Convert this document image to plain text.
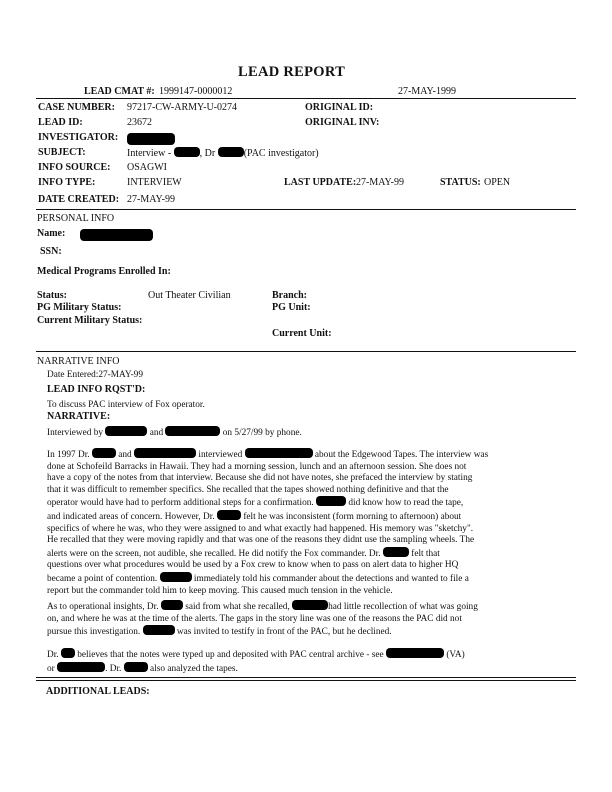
LEAD REPORT
LEAD CMAT #: 1999147-0000012	27-MAY-1999
CASE NUMBER: 97217-CW-ARMY-U-0274	ORIGINAL ID:
LEAD ID:	23672	ORIGINAL INV:
INVESTIGATOR:
SUBJECT:	Interview -	, Dr	(PAC investigator)
INFO SOURCE: OSAGWI
INFO TYPE:	INTERVIEW	LAST UPDATE: 27-MAY-99	STATUS: OPEN
DATE CREATED: 27-MAY-99
PERSONAL INFO
Name:
SSN:
Medical Programs Enrolled In:
Status:	Out Theater Civilian	Branch:
PG Military Status:	PG Unit:
Current Military Status:
Current Unit:
NARRATIVE INFO
Date Entered:27-MAY-99
LEAD INFO RQST'D:
To discuss PAC interview of Fox operator.
NARRATIVE:
Interviewed by	and	on 5/27/99 by phone.
In 1997 Dr.	and	interviewed	about the Edgewood Tapes. The interview was
done at Schofeild Barracks in Hawaii. They had a morning session, lunch and an afternoon session. She does not
have a copy of the notes from that interview. Because she did not have notes, she prefaced the interview by stating
that it was difficult to remember specifics. She recalled that the tapes showed nothing definitive and that the
operator would have had to perform additional steps for a confirmation.	did know how to read the tape,
and indicated areas of concern. However, Dr.	felt he was inconsistent (form morning to afternoon) about
specifics of where he was, who they were assigned to and what exactly had happened. His memory was "sketchy".
He recalled that they were moving rapidly and that was one of the reasons they didnt use the sampling wheels. The
alerts were on the screen, not audible, she recalled. He did notify the Fox commander. Dr.	felt that
questions over what procedures would be used by a Fox crew to know when to pass on alert data to higher HQ
became a point of contention.	immediately told his commander about the detections and wanted to file a
report but the commander told him to keep moving. This caused much tension in the vehicle.
As to operational insights, Dr.	said from what she recalled,	had little recollection of what was going
on, and where he was at the time of the alerts. The gaps in the story line was one of the reasons the PAC did not
pursue this investigation.	was invited to testify in front of the PAC, but he declined.
Dr. believes that the notes were typed up and deposited with PAC central archive - see	(VA)
or	. Dr.	also analyzed the tapes.
ADDITIONAL LEADS:
